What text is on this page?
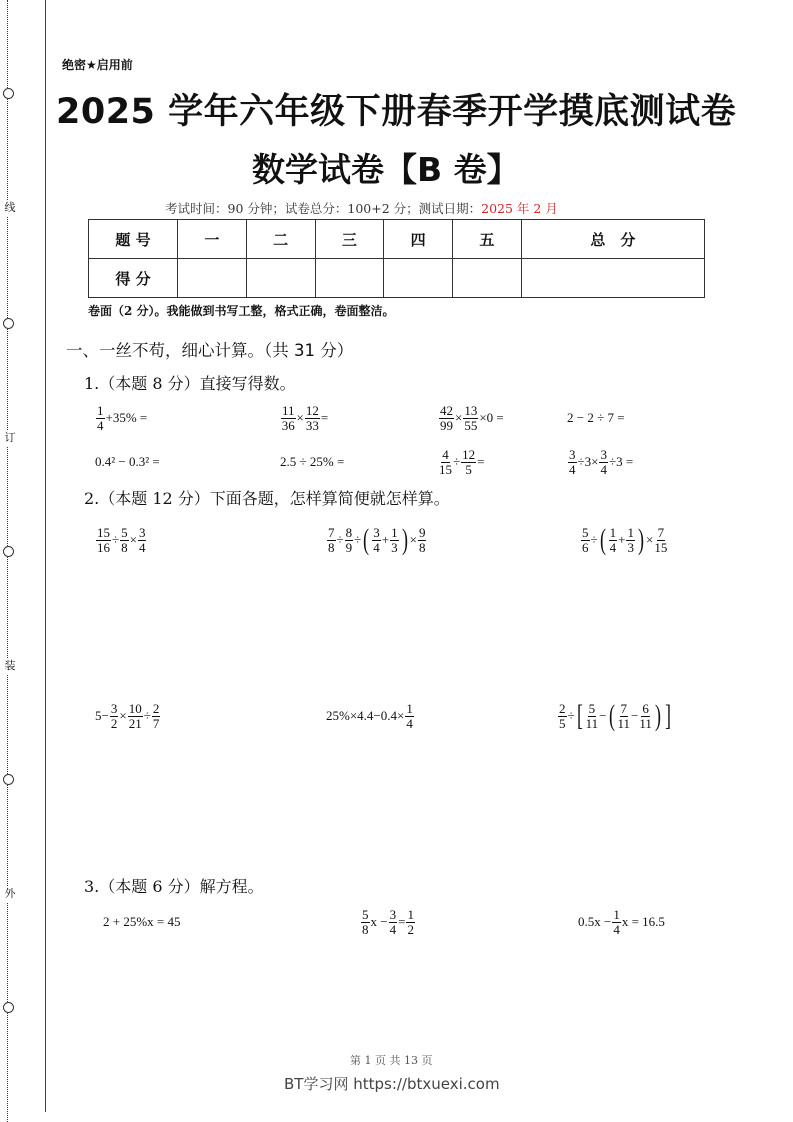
线
订
装
外
绝密★启用前
2025 学年六年级下册春季开学摸底测试卷
数学试卷【B 卷】
考试时间：90 分钟；试卷总分：100+2 分；测试日期：2025 年 2 月
题 号	一	二	三	四	五	总　分
得 分						
卷面（2 分）。我能做到书写工整，格式正确，卷面整洁。
一、一丝不苟，细心计算。（共 31 分）
1.（本题 8 分）直接写得数。
2.（本题 12 分）下面各题，怎样算简便就怎样算。
3.（本题 6 分）解方程。
$\frac{1}{4} +35\%$ =	$\frac{11}{36} \times \frac{12}{33}$ =	$\frac{42}{99} \times \frac{13}{55} \times 0$ =	2 − 2 ÷ 7 =
0.4² − 0.3² =	2.5 ÷ 25% =	$\frac{4}{15} \div \frac{12}{5}$ =	$\frac{3}{4} \div 3\times \frac{3}{4} \div 3$ =
$\frac{15}{16} \div \frac{5}{8} \times \frac{3}{4}$	$\frac{7}{8} \div \frac{8}{9}$ ÷ ( $\frac{3}{4} + \frac{1}{3}$ ) × $\frac{9}{8}$	$\frac{5}{6}$ ÷ ( $\frac{1}{4} + \frac{1}{3}$ ) × $\frac{7}{15}$
$5- \frac{3}{2} \times \frac{10}{21} \div \frac{2}{7}$	$25\%\times 4.4-0.4\times \frac{1}{4}$	$\frac{2}{5}$ ÷ [ $\frac{5}{11}$ − ( $\frac{7}{11} - \frac{6}{11}$ ) ]
2 + 25%x = 45	$\frac{5}{8}$ $x - \frac{3}{4} = \frac{1}{2}$	$0.5x - \frac{1}{4}$ x = 16.5
第 1 页 共 13 页
BT学习网 https://btxuexi.com
